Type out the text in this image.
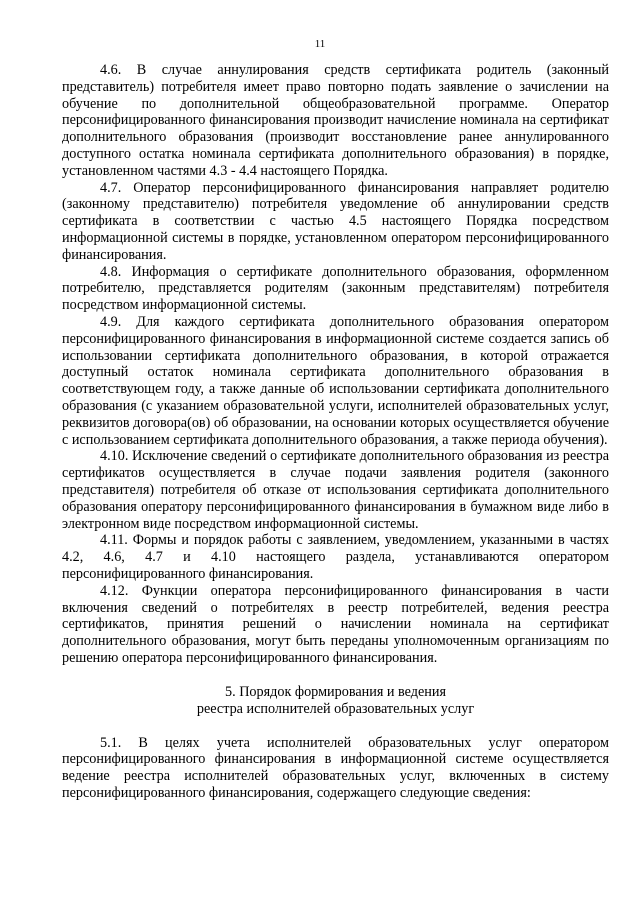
11

4.6. В случае аннулирования средств сертификата родитель (законный представитель) потребителя имеет право повторно подать заявление о зачислении на обучение по дополнительной общеобразовательной программе. Оператор персонифицированного финансирования производит начисление номинала на сертификат дополнительного образования (производит восстановление ранее аннулированного доступного остатка номинала сертификата дополнительного образования) в порядке, установленном частями 4.3 - 4.4 настоящего Порядка.

4.7. Оператор персонифицированного финансирования направляет родителю (законному представителю) потребителя уведомление об аннулировании средств сертификата в соответствии с частью 4.5 настоящего Порядка посредством информационной системы в порядке, установленном оператором персонифицированного финансирования.

4.8. Информация о сертификате дополнительного образования, оформленном потребителю, представляется родителям (законным представителям) потребителя посредством информационной системы.

4.9. Для каждого сертификата дополнительного образования оператором персонифицированного финансирования в информационной системе создается запись об использовании сертификата дополнительного образования, в которой отражается доступный остаток номинала сертификата дополнительного образования в соответствующем году, а также данные об использовании сертификата дополнительного образования (с указанием образовательной услуги, исполнителей образовательных услуг, реквизитов договора(ов) об образовании, на основании которых осуществляется обучение с использованием сертификата дополнительного образования, а также периода обучения).

4.10. Исключение сведений о сертификате дополнительного образования из реестра сертификатов осуществляется в случае подачи заявления родителя (законного представителя) потребителя об отказе от использования сертификата дополнительного образования оператору персонифицированного финансирования в бумажном виде либо в электронном виде посредством информационной системы.

4.11. Формы и порядок работы с заявлением, уведомлением, указанными в частях 4.2, 4.6, 4.7 и 4.10 настоящего раздела, устанавливаются оператором персонифицированного финансирования.

4.12. Функции оператора персонифицированного финансирования в части включения сведений о потребителях в реестр потребителей, ведения реестра сертификатов, принятия решений о начислении номинала на сертификат дополнительного образования, могут быть переданы уполномоченным организациям по решению оператора персонифицированного финансирования.

5. Порядок формирования и ведения
реестра исполнителей образовательных услуг

5.1. В целях учета исполнителей образовательных услуг оператором персонифицированного финансирования в информационной системе осуществляется ведение реестра исполнителей образовательных услуг, включенных в систему персонифицированного финансирования, содержащего следующие сведения:
